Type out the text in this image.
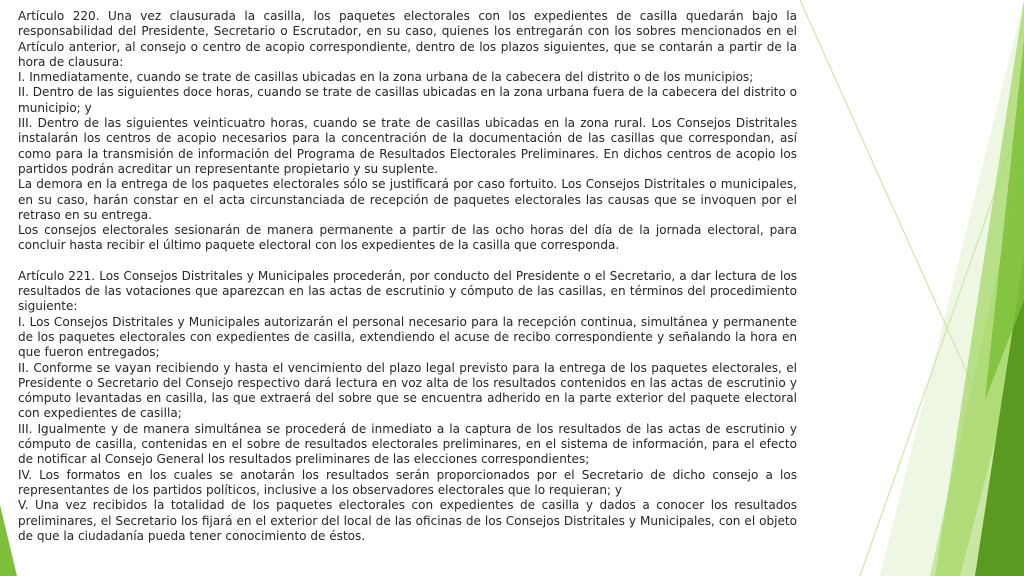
Artículo 220. Una vez clausurada la casilla, los paquetes electorales con los expedientes de casilla quedarán bajo la responsabilidad del Presidente, Secretario o Escrutador, en su caso, quienes los entregarán con los sobres mencionados en el Artículo anterior, al consejo o centro de acopio correspondiente, dentro de los plazos siguientes, que se contarán a partir de la hora de clausura:

I. Inmediatamente, cuando se trate de casillas ubicadas en la zona urbana de la cabecera del distrito o de los municipios;

II. Dentro de las siguientes doce horas, cuando se trate de casillas ubicadas en la zona urbana fuera de la cabecera del distrito o municipio; y

III. Dentro de las siguientes veinticuatro horas, cuando se trate de casillas ubicadas en la zona rural. Los Consejos Distritales instalarán los centros de acopio necesarios para la concentración de la documentación de las casillas que correspondan, así como para la transmisión de información del Programa de Resultados Electorales Preliminares. En dichos centros de acopio los partidos podrán acreditar un representante propietario y su suplente.

La demora en la entrega de los paquetes electorales sólo se justificará por caso fortuito. Los Consejos Distritales o municipales, en su caso, harán constar en el acta circunstanciada de recepción de paquetes electorales las causas que se invoquen por el retraso en su entrega.

Los consejos electorales sesionarán de manera permanente a partir de las ocho horas del día de la jornada electoral, para concluir hasta recibir el último paquete electoral con los expedientes de la casilla que corresponda.

Artículo 221. Los Consejos Distritales y Municipales procederán, por conducto del Presidente o el Secretario, a dar lectura de los resultados de las votaciones que aparezcan en las actas de escrutinio y cómputo de las casillas, en términos del procedimiento siguiente:

I. Los Consejos Distritales y Municipales autorizarán el personal necesario para la recepción continua, simultánea y permanente de los paquetes electorales con expedientes de casilla, extendiendo el acuse de recibo correspondiente y señalando la hora en que fueron entregados;

II. Conforme se vayan recibiendo y hasta el vencimiento del plazo legal previsto para la entrega de los paquetes electorales, el Presidente o Secretario del Consejo respectivo dará lectura en voz alta de los resultados contenidos en las actas de escrutinio y cómputo levantadas en casilla, las que extraerá del sobre que se encuentra adherido en la parte exterior del paquete electoral con expedientes de casilla;

III. Igualmente y de manera simultánea se procederá de inmediato a la captura de los resultados de las actas de escrutinio y cómputo de casilla, contenidas en el sobre de resultados electorales preliminares, en el sistema de información, para el efecto de notificar al Consejo General los resultados preliminares de las elecciones correspondientes;

IV. Los formatos en los cuales se anotarán los resultados serán proporcionados por el Secretario de dicho consejo a los representantes de los partidos políticos, inclusive a los observadores electorales que lo requieran; y

V. Una vez recibidos la totalidad de los paquetes electorales con expedientes de casilla y dados a conocer los resultados preliminares, el Secretario los fijará en el exterior del local de las oficinas de los Consejos Distritales y Municipales, con el objeto de que la ciudadanía pueda tener conocimiento de éstos.
